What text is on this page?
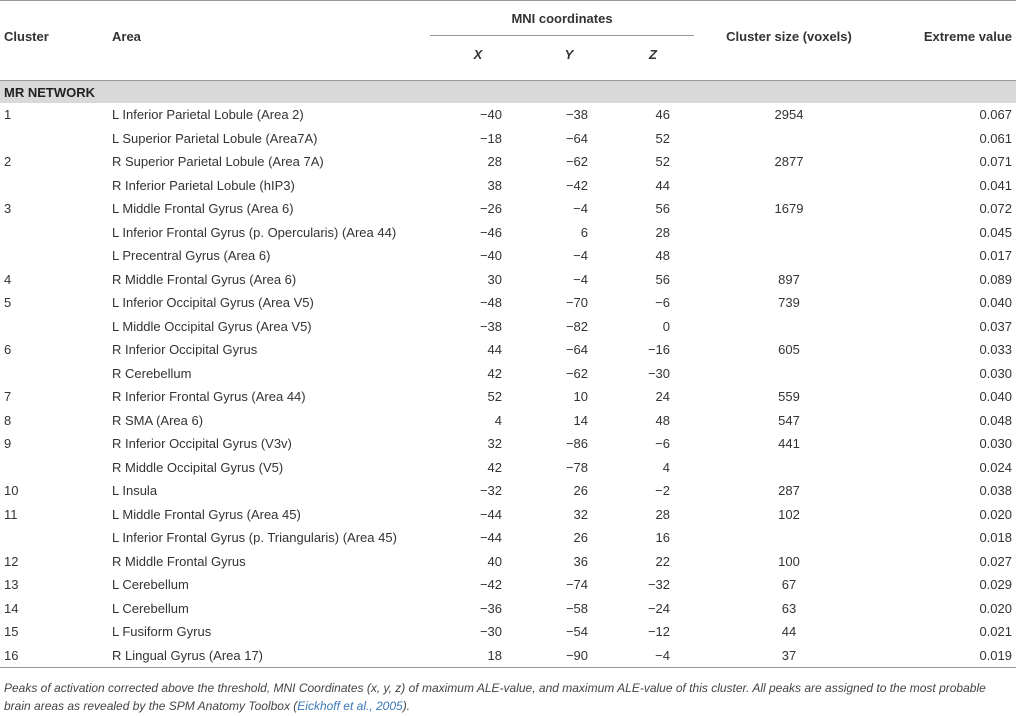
Cluster	Area	MNI coordinates			Cluster size (voxels)	Extreme value
		X	Y	Z		

MR NETWORK						
1	L Inferior Parietal Lobule (Area 2)	−40	−38	46	2954	0.067
	L Superior Parietal Lobule (Area7A)	−18	−64	52		0.061
2	R Superior Parietal Lobule (Area 7A)	28	−62	52	2877	0.071
	R Inferior Parietal Lobule (hIP3)	38	−42	44		0.041
3	L Middle Frontal Gyrus (Area 6)	−26	−4	56	1679	0.072
	L Inferior Frontal Gyrus (p. Opercularis) (Area 44)	−46	6	28		0.045
	L Precentral Gyrus (Area 6)	−40	−4	48		0.017
4	R Middle Frontal Gyrus (Area 6)	30	−4	56	897	0.089
5	L Inferior Occipital Gyrus (Area V5)	−48	−70	−6	739	0.040
	L Middle Occipital Gyrus (Area V5)	−38	−82	0		0.037
6	R Inferior Occipital Gyrus	44	−64	−16	605	0.033
	R Cerebellum	42	−62	−30		0.030
7	R Inferior Frontal Gyrus (Area 44)	52	10	24	559	0.040
8	R SMA (Area 6)	4	14	48	547	0.048
9	R Inferior Occipital Gyrus (V3v)	32	−86	−6	441	0.030
	R Middle Occipital Gyrus (V5)	42	−78	4		0.024
10	L Insula	−32	26	−2	287	0.038
11	L Middle Frontal Gyrus (Area 45)	−44	32	28	102	0.020
	L Inferior Frontal Gyrus (p. Triangularis) (Area 45)	−44	26	16		0.018
12	R Middle Frontal Gyrus	40	36	22	100	0.027
13	L Cerebellum	−42	−74	−32	67	0.029
14	L Cerebellum	−36	−58	−24	63	0.020
15	L Fusiform Gyrus	−30	−54	−12	44	0.021
16	R Lingual Gyrus (Area 17)	18	−90	−4	37	0.019
Peaks of activation corrected above the threshold, MNI Coordinates (x, y, z) of maximum ALE-value, and maximum ALE-value of this cluster. All peaks are assigned to the most probable brain areas as revealed by the SPM Anatomy Toolbox (Eickhoff et al., 2005).
